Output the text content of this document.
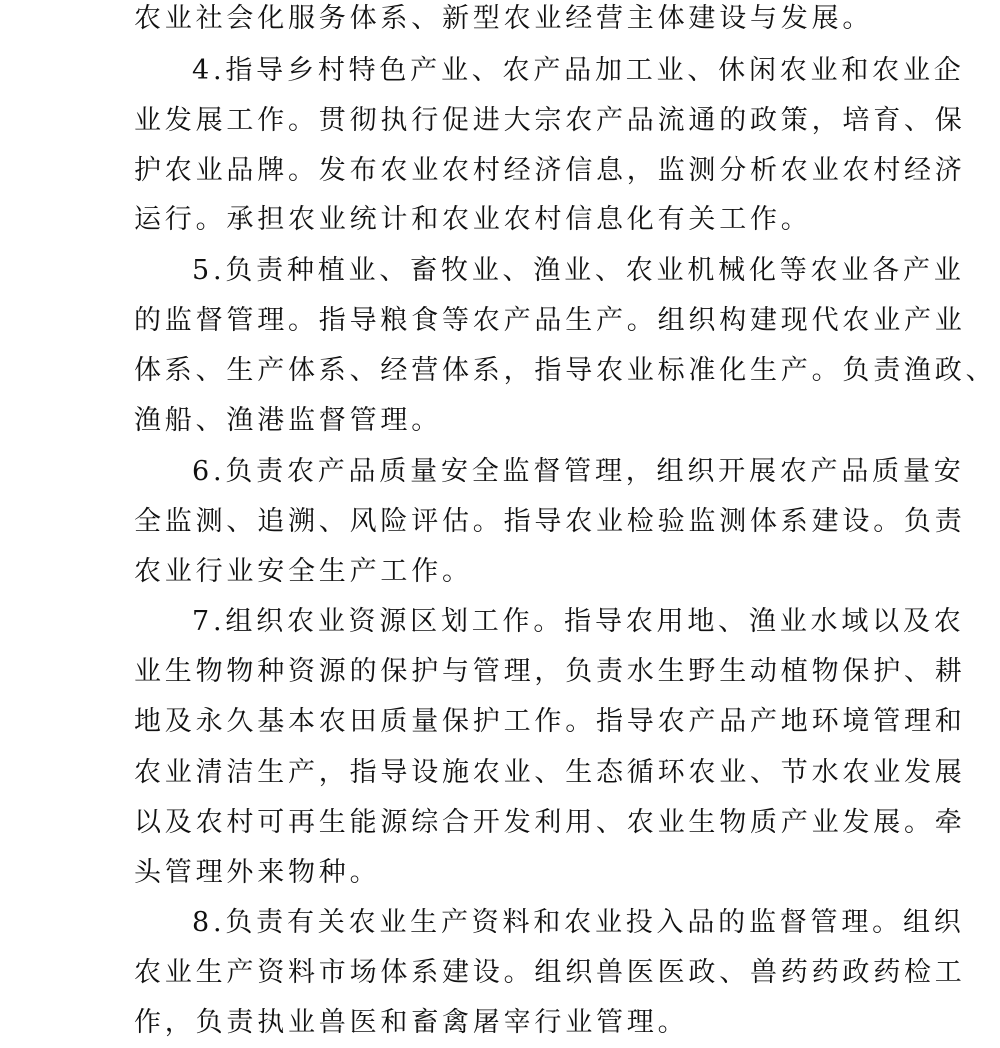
农业社会化服务体系、新型农业经营主体建设与发展。
4.指导乡村特色产业、农产品加工业、休闲农业和农业企
业发展工作。贯彻执行促进大宗农产品流通的政策，培育、保
护农业品牌。发布农业农村经济信息，监测分析农业农村经济
运行。承担农业统计和农业农村信息化有关工作。
5.负责种植业、畜牧业、渔业、农业机械化等农业各产业
的监督管理。指导粮食等农产品生产。组织构建现代农业产业
体系、生产体系、经营体系，指导农业标准化生产。负责渔政、
渔船、渔港监督管理。
6.负责农产品质量安全监督管理，组织开展农产品质量安
全监测、追溯、风险评估。指导农业检验监测体系建设。负责
农业行业安全生产工作。
7.组织农业资源区划工作。指导农用地、渔业水域以及农
业生物物种资源的保护与管理，负责水生野生动植物保护、耕
地及永久基本农田质量保护工作。指导农产品产地环境管理和
农业清洁生产，指导设施农业、生态循环农业、节水农业发展
以及农村可再生能源综合开发利用、农业生物质产业发展。牵
头管理外来物种。
8.负责有关农业生产资料和农业投入品的监督管理。组织
农业生产资料市场体系建设。组织兽医医政、兽药药政药检工
作，负责执业兽医和畜禽屠宰行业管理。
